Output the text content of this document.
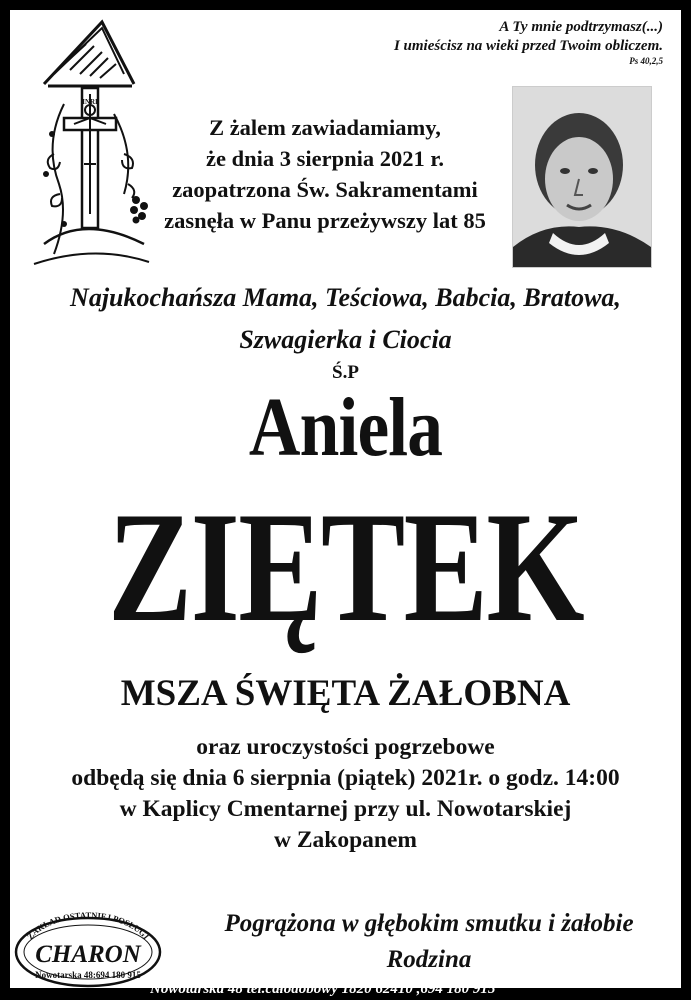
INRI
A Ty mnie podtrzymasz(...)
I umieścisz na wieki przed Twoim obliczem.
Ps 40,2,5
Z żalem zawiadamiamy,
że dnia 3 sierpnia 2021 r.
zaopatrzona Św. Sakramentami
zasnęła w Panu przeżywszy lat 85
Najukochańsza Mama, Teściowa, Babcia, Bratowa,
Szwagierka i Ciocia
Ś.P
Aniela
ZIĘTEK
MSZA ŚWIĘTA ŻAŁOBNA
oraz uroczystości pogrzebowe
odbędą się dnia 6 sierpnia (piątek) 2021r. o godz. 14:00
w Kaplicy Cmentarnej przy ul. Nowotarskiej
w Zakopanem
Pogrążona w głębokim smutku i żałobie
Rodzina
ZAKŁAD OSTATNIEJ POSŁUGI
CHARON
Nowotarska 48:694 180 915
Nowotarska 48 tel.całodobowy 1820 62410 ,694 180 915
